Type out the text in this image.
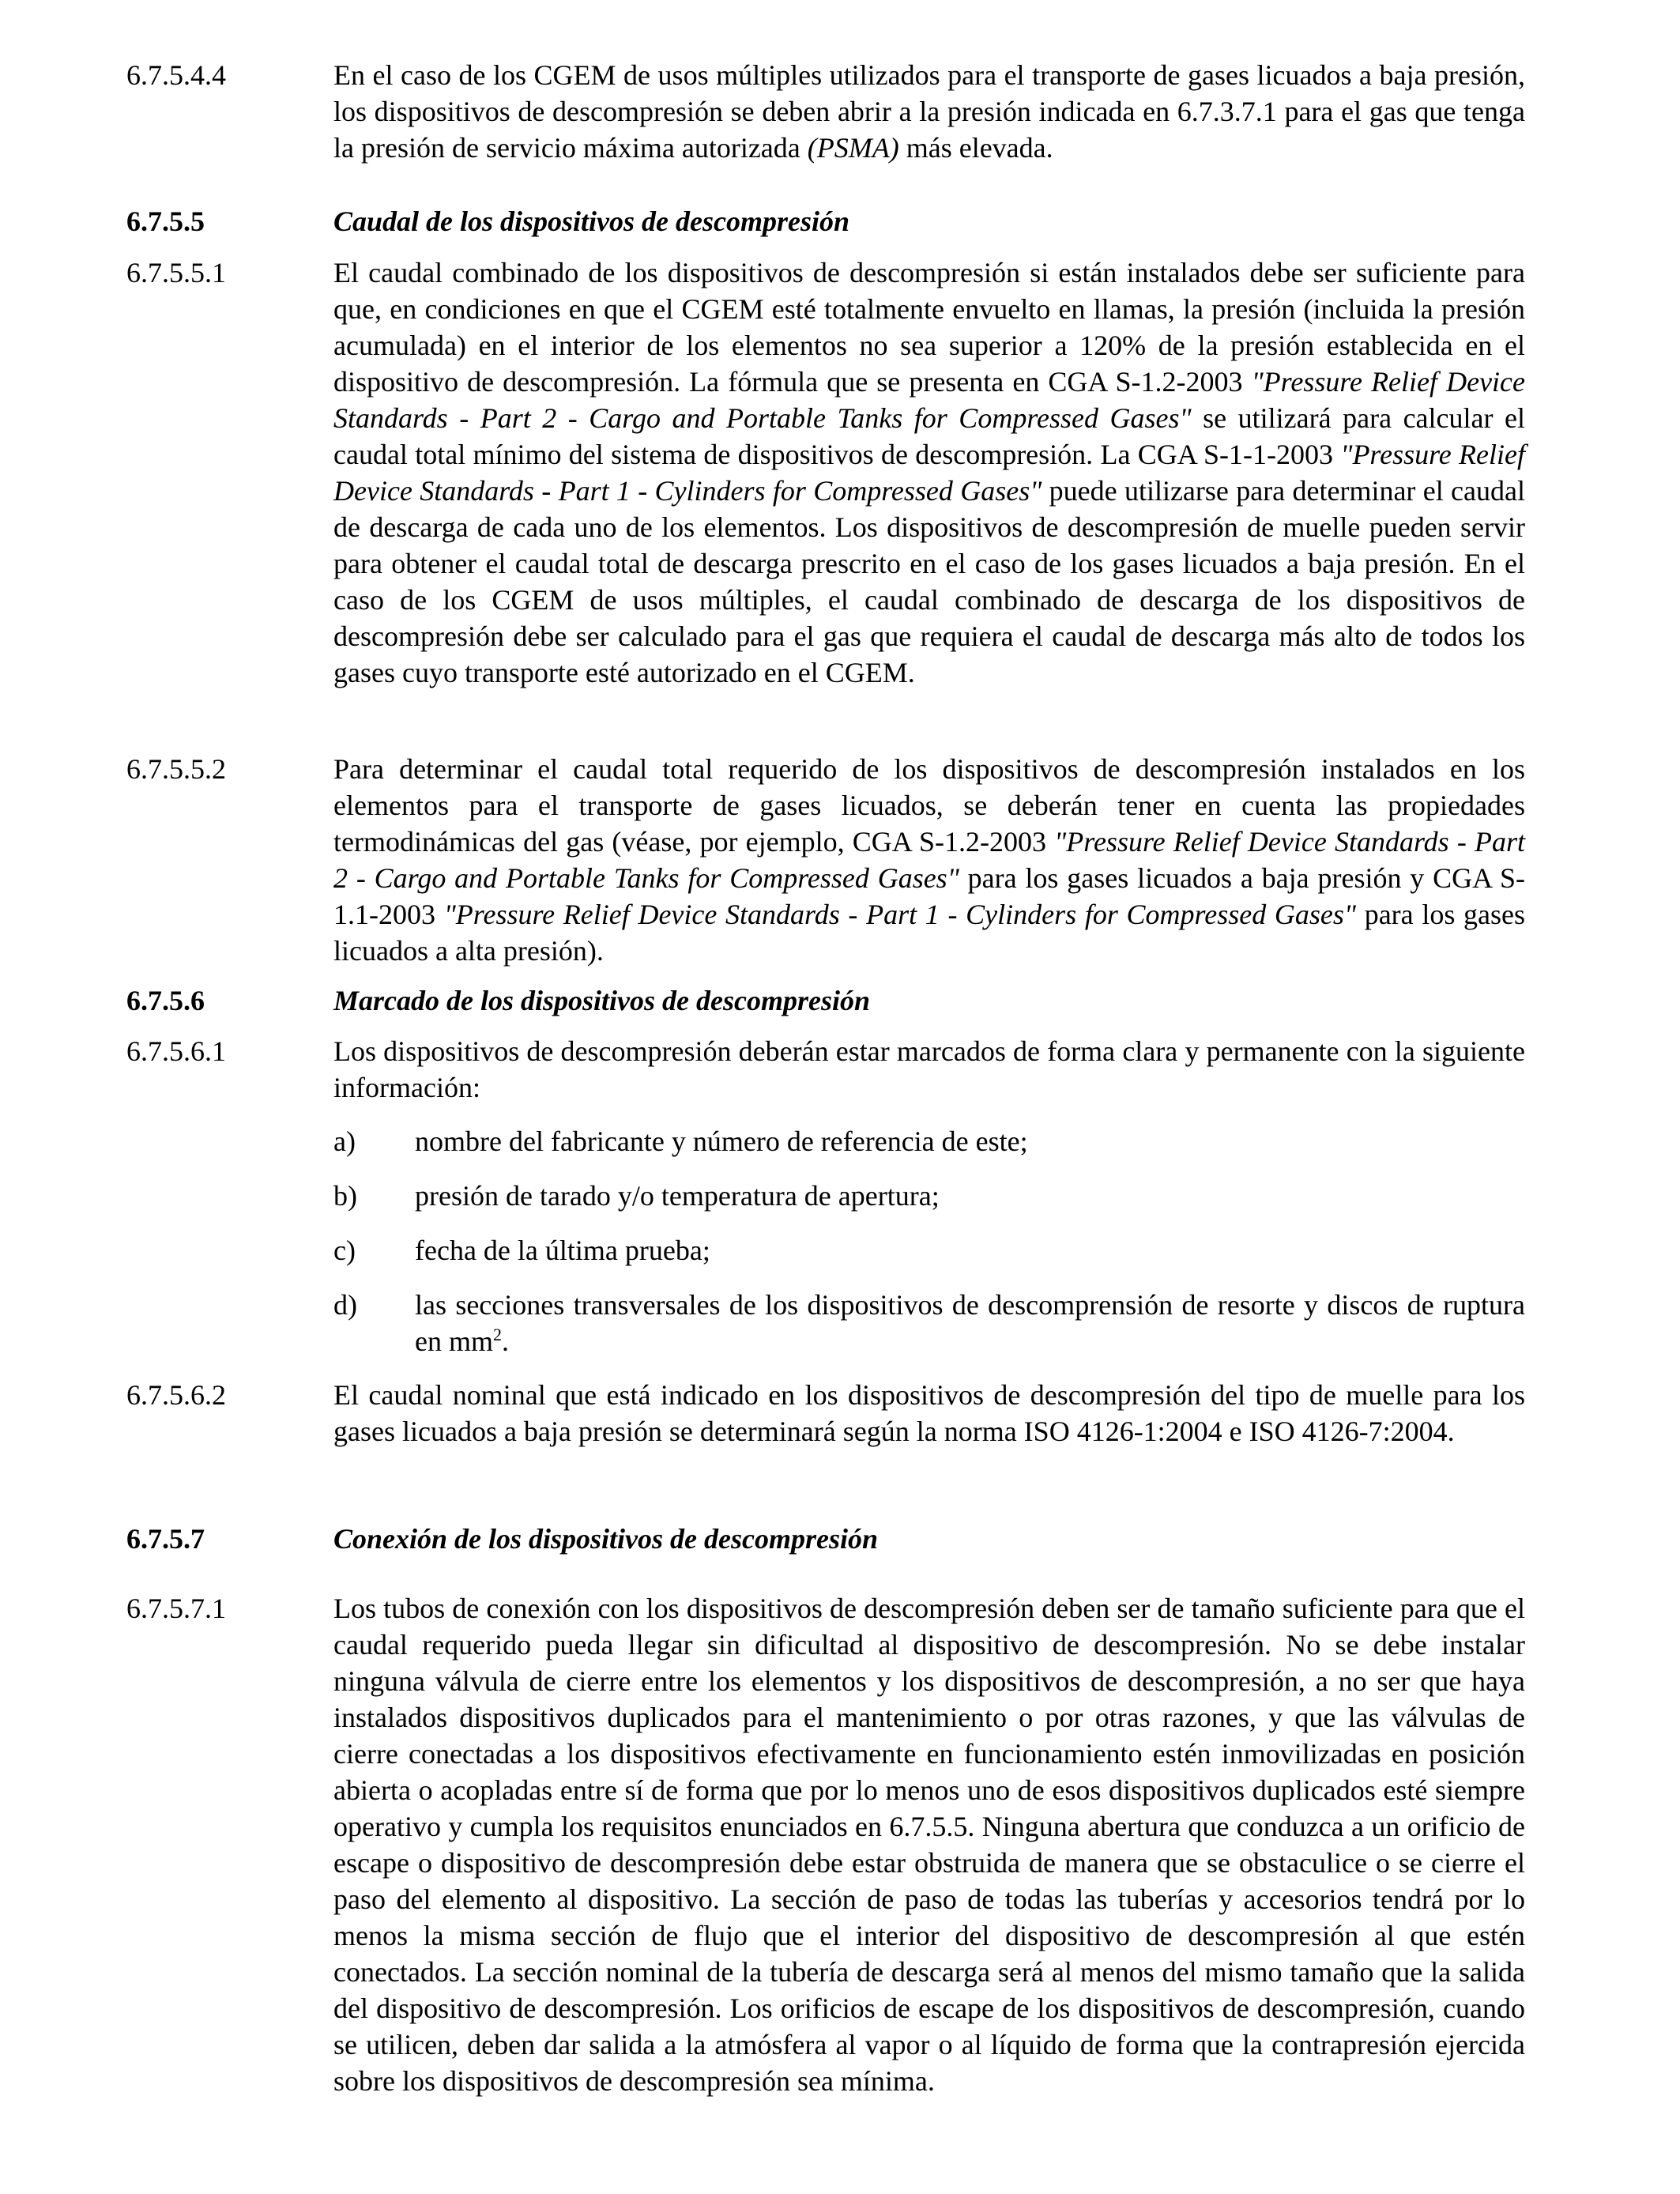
6.7.5.4.4	En el caso de los CGEM de usos múltiples utilizados para el transporte de gases licuados a baja presión, los dispositivos de descompresión se deben abrir a la presión indicada en 6.7.3.7.1 para el gas que tenga la presión de servicio máxima autorizada (PSMA) más elevada.
6.7.5.5	Caudal de los dispositivos de descompresión
6.7.5.5.1	El caudal combinado de los dispositivos de descompresión si están instalados debe ser suficiente para que, en condiciones en que el CGEM esté totalmente envuelto en llamas, la presión (incluida la presión acumulada) en el interior de los elementos no sea superior a 120% de la presión establecida en el dispositivo de descompresión. La fórmula que se presenta en CGA S-1.2-2003 "Pressure Relief Device Standards - Part 2 - Cargo and Portable Tanks for Compressed Gases" se utilizará para calcular el caudal total mínimo del sistema de dispositivos de descompresión. La CGA S-1-1-2003 "Pressure Relief Device Standards - Part 1 - Cylinders for Compressed Gases" puede utilizarse para determinar el caudal de descarga de cada uno de los elementos. Los dispositivos de descompresión de muelle pueden servir para obtener el caudal total de descarga prescrito en el caso de los gases licuados a baja presión. En el caso de los CGEM de usos múltiples, el caudal combinado de descarga de los dispositivos de descompresión debe ser calculado para el gas que requiera el caudal de descarga más alto de todos los gases cuyo transporte esté autorizado en el CGEM.
6.7.5.5.2	Para determinar el caudal total requerido de los dispositivos de descompresión instalados en los elementos para el transporte de gases licuados, se deberán tener en cuenta las propiedades termodinámicas del gas (véase, por ejemplo, CGA S-1.2-2003 "Pressure Relief Device Standards - Part 2 - Cargo and Portable Tanks for Compressed Gases" para los gases licuados a baja presión y CGA S-1.1-2003 "Pressure Relief Device Standards - Part 1 - Cylinders for Compressed Gases" para los gases licuados a alta presión).
6.7.5.6	Marcado de los dispositivos de descompresión
6.7.5.6.1	Los dispositivos de descompresión deberán estar marcados de forma clara y permanente con la siguiente información:
a) nombre del fabricante y número de referencia de este;
b) presión de tarado y/o temperatura de apertura;
c) fecha de la última prueba;
d) las secciones transversales de los dispositivos de descomprensión de resorte y discos de ruptura en $mm^2$.
6.7.5.6.2	El caudal nominal que está indicado en los dispositivos de descompresión del tipo de muelle para los gases licuados a baja presión se determinará según la norma ISO 4126-1:2004 e ISO 4126-7:2004.
6.7.5.7	Conexión de los dispositivos de descompresión
6.7.5.7.1	Los tubos de conexión con los dispositivos de descompresión deben ser de tamaño suficiente para que el caudal requerido pueda llegar sin dificultad al dispositivo de descompresión. No se debe instalar ninguna válvula de cierre entre los elementos y los dispositivos de descompresión, a no ser que haya instalados dispositivos duplicados para el mantenimiento o por otras razones, y que las válvulas de cierre conectadas a los dispositivos efectivamente en funcionamiento estén inmovilizadas en posición abierta o acopladas entre sí de forma que por lo menos uno de esos dispositivos duplicados esté siempre operativo y cumpla los requisitos enunciados en 6.7.5.5. Ninguna abertura que conduzca a un orificio de escape o dispositivo de descompresión debe estar obstruida de manera que se obstaculice o se cierre el paso del elemento al dispositivo. La sección de paso de todas las tuberías y accesorios tendrá por lo menos la misma sección de flujo que el interior del dispositivo de descompresión al que estén conectados. La sección nominal de la tubería de descarga será al menos del mismo tamaño que la salida del dispositivo de descompresión. Los orificios de escape de los dispositivos de descompresión, cuando se utilicen, deben dar salida a la atmósfera al vapor o al líquido de forma que la contrapresión ejercida sobre los dispositivos de descompresión sea mínima.
